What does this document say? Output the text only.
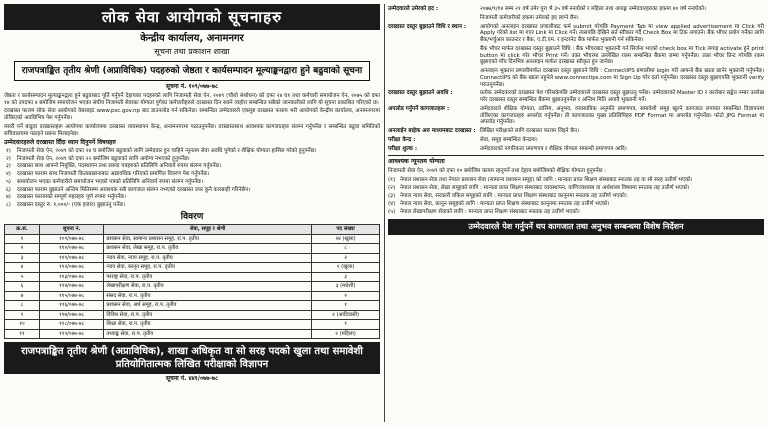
लोक सेवा आयोगको सूचनाहरु
केन्द्रीय कार्यालय, अनामनगर
सूचना तथा प्रकाशन शाखा
राजपत्राङ्कित तृतीय श्रेणी (अप्राविधिक) पदहरुको जेष्ठता र कार्यसम्पादन मूल्याङ्कनद्वारा हुने बढुवाको सूचना
सूचना नं. १०९/०७७-७८

जेष्ठता र कार्यसम्पादन मूल्याङ्कनद्वारा हुने बढुवाबाट पूर्ति गर्नुपर्ने देहायका पदहरुको लागि निजामती सेवा ऐन, २०४९ (चौथो संशोधन) को दफा २४ घ१ तथा कर्मचारी समायोजन ऐन, २०७५ को दफा १४ को उपदफा ४ बमोजिम समायोजन भएका संघीय निजामती सेवाका योग्यता पुगेका कर्मचारीहरुले दरखास्त दिन सक्ने व्यहोरा सम्बन्धित सबैको जानकारीको लागि यो सूचना प्रकाशित गरिएको छ।

दरखास्त फाराम लोक सेवा आयोगको वेबसाइट www.psc.gov.np बाट डाउनलोड गर्न सकिनेछ। सम्बन्धित उम्मेदवारले एकमुष्ट दरखास्त फाराम भरी आयोगको केन्द्रीय कार्यालय, अनामनगरमा तोकिएको अवधिभित्र पेश गर्नुपर्नेछ।

यसरी पर्ने बाढुवा दरखास्तहरू आयोगमा कार्यालयमा दरखास्त व्यवस्थापन केन्द्र, अनामनगरमा पठाउनुपर्नेछ। दरखास्तसाथ आवश्यक कागजातहरु संलग्न गर्नुपर्नेछ र सम्बन्धित बढुवा समितिको सचिवालयमा पठाइने प्रबन्ध मिलाइनेछ।

उम्मेदवारहरुले दरखास्त दिँदा ध्यान दिनुपर्ने विषयहरु
१)	निजामती सेवा ऐन, २०४९ को दफा २४ घ बमोजिम बढुवाको लागि उम्मेदवार हुन चाहिने न्यूनतम सेवा अवधि पुगेको र शैक्षिक योग्यता हासिल गरेको हुनुपर्नेछ।
२)	निजामती सेवा ऐन, २०४९ को दफा २२ बमोजिम बढुवाको लागि अयोग्य नभएको हुनुपर्नेछ।
३)	दरखास्त साथ आफ्नो नियुक्ति, पदस्थापन तथा सरुवा पत्रहरुको प्रतिलिपि अनिवार्य रुपमा संलग्न गर्नुपर्नेछ।
४)	दरखास्त फाराम साथ निजामती किताबखानाबाट अद्यावधिक गरिएको प्रमाणित विवरण पेश गर्नुपर्नेछ।
५)	समायोजन भएका कर्मचारीले समायोजन भएको पत्रको प्रतिलिपि अनिवार्य रुपमा संलग्न गर्नुपर्नेछ।
६)	दरखास्त फाराम बुझाउने अन्तिम मितिसम्म आवश्यक सबै कागजात संलग्न नभएको दरखास्त उपर कुनै कारबाही गरिनेछैन।
७)	दरखास्त फारामको सम्पूर्ण महलहरु पूर्ण रुपमा भर्नुपर्नेछ।
८)	दरखास्त दस्तुर रु. १,०००/- (एक हजार) बुझाउनु पर्नेछ।
विवरण
क्र.सं.	सूचना नं.	सेवा, समूह र श्रेणी	पद संख्या
१	१०९/०७७-७८	प्रशासन सेवा, सामान्य प्रशासन समूह, रा.प. तृतीय	२४ (खुला)
२	११०/०७७-७८	प्रशासन सेवा, लेखा समूह, रा.प. तृतीय	८
३	१११/०७७-७८	न्याय सेवा, न्याय समूह, रा.प. तृतीय	२
४	११२/०७७-७८	न्याय सेवा, कानून समूह, रा.प. तृतीय	१ (खुला)
५	११३/०७७-७८	परराष्ट्र सेवा, रा.प. तृतीय	३
६	११४/०७७-७८	लेखापरीक्षण सेवा, रा.प. तृतीय	३ (मधेशी)
७	११५/०७७-७८	संसद सेवा, रा.प. तृतीय	२
८	११६/०७७-७८	प्रशासन सेवा, अर्थ समूह, रा.प. तृतीय	१
९	११७/०७७-७८	विविध सेवा, रा.प. तृतीय	२ (आदिवासी)
१०	११८/०७७-७८	शिक्षा सेवा, रा.प. तृतीय	१
११	११९/०७७-७८	तथ्याङ्क सेवा, रा.प. तृतीय	२ (महिला)
राजपत्राङ्कित तृतीय श्रेणी (अप्राविधिक), शाखा अधिकृत वा सो सरह पदको खुला तथा समावेशी प्रतियोगितात्मक लिखित परीक्षाको विज्ञापन
सूचना नं. ४४१/०७७-७८
उम्मेदवारले उमेरको हद :	२०७७/९/१४ सम्म २१ वर्ष उमेर पुरा भै ३५ वर्ष ननाघेको र महिला तथा अपाङ्ग उम्मेदवारहरुका हकमा ४० वर्ष ननाघेको।
निजामती कर्मचारीको हकमा उमेरको हद लाग्ने छैन।
दरखास्त दस्तुर बुझाउने विधि र स्थान :	आयोगको अनलाइन दरखास्त प्रणालीबाट फर्म submit गरेपछि Payment Tab मा view applied advertisement मा Click गरी Apply गरेको list मा गएर Link मा Click गर्ने। त्यसपछि देखिने सर्त स्वीकार गर्दै Check Box मा टिक लगाउने। बैंक भौचर प्रयोग गर्नेका लागि बैंक/भर्चुअल काउन्टर र बैंक, ए.टी.एम. र इन्टरनेट बैंक मार्फत भुक्तानी गर्न सकिनेछ।
बैंक भौचर मार्फत दरखास्त दस्तुर बुझाउने विधि : बैंक भौचरबाट भुक्तानी गर्न सिर्जना भएको check box मा Tick लगाइ activate हुने print button मा click गरेर भौचर Print गर्ने। उक्त भौचरमा उल्लेखित रकम सम्बन्धित बैंकमा जम्मा गर्नुपर्नेछ। उक्त भौचर प्रिन्ट गरेपछि रकम बुझाएको पाँच दिनभित्र अनलाइन मार्फत दरखास्त स्वीकृत हुन जानेछ।
अनलाइन भुक्तान प्रणालीमार्फत दरखास्त दस्तुर बुझाउने विधि : ConnectIPS प्रणालीमा login गरी आफ्नो बैंक खाता छानेर भुक्तानी गर्नुपर्नेछ। ConnectIPS को बैंक खाता नहुनेले www.connectips.com मा Sign Up गरेर दर्ता गर्नुपर्नेछ। दरखास्त दस्तुर बुझाएपछि भुक्तानी verify गराउनुपर्नेछ।
दरखास्त दस्तुर बुझाउने अवधि :	प्रत्येक उम्मेदवारको दरखास्त पेश गरिसकेपछि उम्मेदवारले दरखास्त दस्तुर बुझाउनु पर्नेछ। उम्मेदवारको Master ID र कारोबार सङ्केत नम्बर उल्लेख गरेर दरखास्त दस्तुर सम्बन्धित बैंकमा बुझाउनुपर्नेछ र अन्तिम मिति अगावै भुक्तानी गर्ने।
अपलोड गर्नुपर्ने कागजातहरू :	उम्मेदवारले शैक्षिक योग्यता, तालिम, अनुभव, व्यवसायिक अनुमति प्रमाणपत्र, समावेशी समूह खुल्ने कागजात लगायत सम्बन्धित विज्ञापनमा तोकिएका कागजातहरु अपलोड गर्नुपर्नेछ। ती कागजातका मुख्य प्रतिलिपिहरु PDF Format मा अपलोड गर्नुपर्नेछ। फोटो JPG Format मा अपलोड गर्नुपर्नेछ।
अनलाईन बाहेक अरु माध्यमबाट दरखास्त : लिखित परीक्षाको लागि दरखास्त फाराम लिइने छैन।
परीक्षा केन्द्र :	सेवा, समूह सम्बन्धित केन्द्रमा।
परीक्षा शुल्क :	उम्मेदवारको नागरिकता प्रमाणपत्र र शैक्षिक योग्यता सम्बन्धी प्रमाणपत्र आदि।
आवश्यक न्यूनतम योग्यता

निजामती सेवा ऐन, २०४९ को दफा १० बमोजिम कायम रहनुपर्ने तथा देहाय बमोजिमको शैक्षिक योग्यता हुनुपर्नेछ :

(१) नेपाल प्रशासन सेवा तथा नेपाल प्रशासन सेवा (सामान्य प्रशासन समूह) को लागि : मान्यता प्राप्त शिक्षण संस्थाबाट स्नातक तह वा सो सरह उत्तीर्ण भएको।
(२) नेपाल प्रशासन सेवा, लेखा समूहको लागि : मान्यता प्राप्त शिक्षण संस्थाबाट व्यवस्थापन, वाणिज्यशास्त्र वा अर्थशास्त्र विषयमा स्नातक तह उत्तीर्ण भएको।
(३) नेपाल न्याय सेवा, सरकारी वकिल समूहको लागि : मान्यता प्राप्त शिक्षण संस्थाबाट कानूनमा स्नातक तह उत्तीर्ण भएको।
(४) नेपाल न्याय सेवा, कानून समूहको लागि : मान्यता प्राप्त शिक्षण संस्थाबाट कानूनमा स्नातक तह उत्तीर्ण भएको।
(५) नेपाल लेखापरीक्षण सेवाको लागि : मान्यता प्राप्त शिक्षण संस्थाबाट स्नातक तह उत्तीर्ण भएको।
उम्मेदवारले पेश गर्नुपर्ने थप कागजात तथा अनुभव सम्बन्धमा विशेष निर्देशन
